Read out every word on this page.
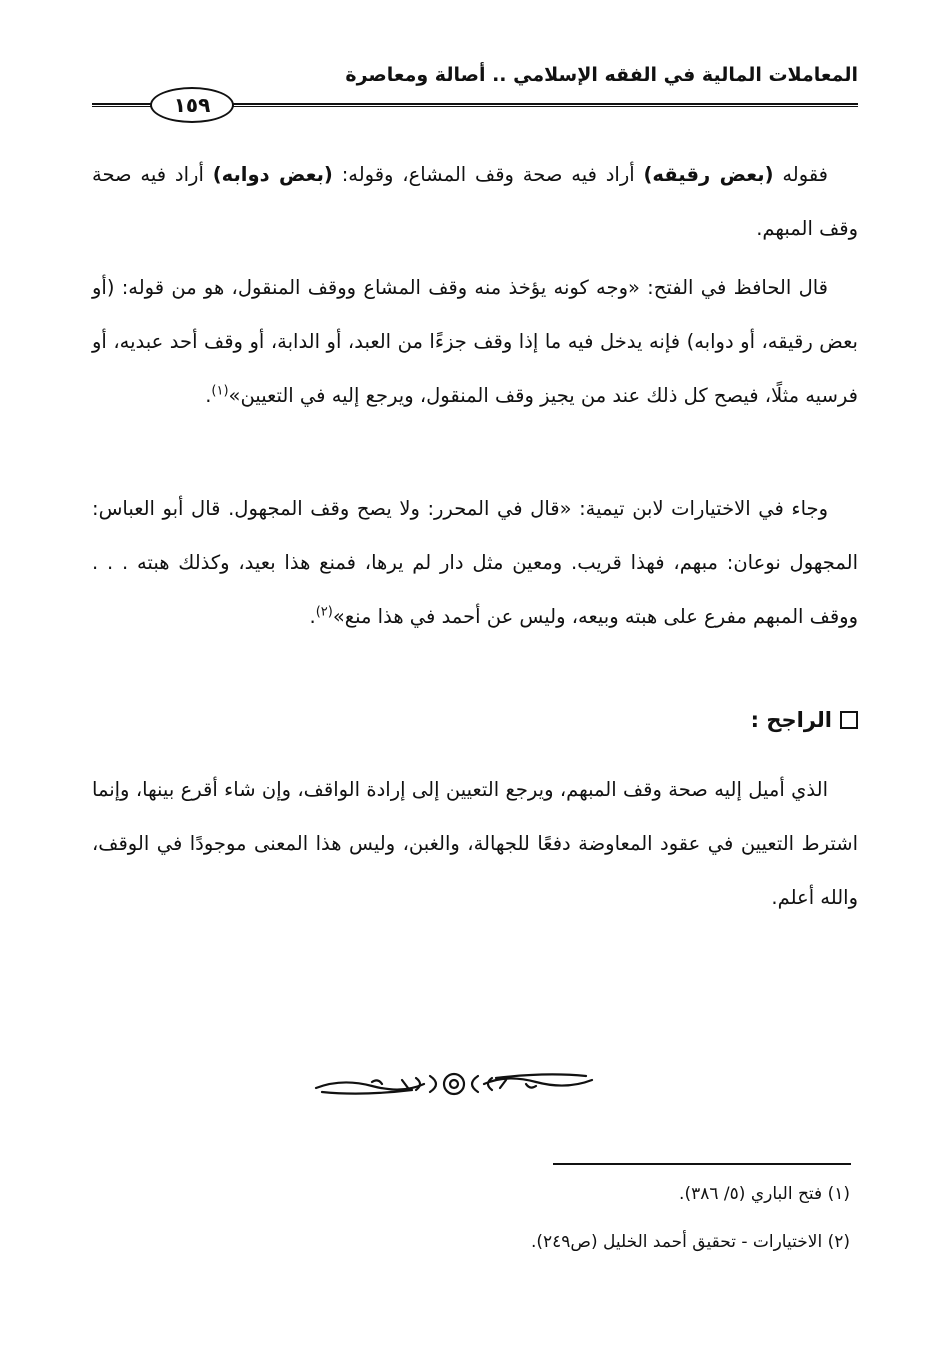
المعاملات المالية في الفقه الإسلامي .. أصالة ومعاصرة
١٥٩

فقوله (بعض رقيقه) أراد فيه صحة وقف المشاع، وقوله: (بعض دوابه) أراد فيه صحة وقف المبهم.

قال الحافظ في الفتح: «وجه كونه يؤخذ منه وقف المشاع ووقف المنقول، هو من قوله: (أو بعض رقيقه، أو دوابه) فإنه يدخل فيه ما إذا وقف جزءًا من العبد، أو الدابة، أو وقف أحد عبديه، أو فرسيه مثلًا، فيصح كل ذلك عند من يجيز وقف المنقول، ويرجع إليه في التعيين»$^{(١)}$.

وجاء في الاختيارات لابن تيمية: «قال في المحرر: ولا يصح وقف المجهول. قال أبو العباس: المجهول نوعان: مبهم، فهذا قريب. ومعين مثل دار لم يرها، فمنع هذا بعيد، وكذلك هبته . . . ووقف المبهم مفرع على هبته وبيعه، وليس عن أحمد في هذا منع»$^{(٢)}$.

الراجح :

الذي أميل إليه صحة وقف المبهم، ويرجع التعيين إلى إرادة الواقف، وإن شاء أقرع بينها، وإنما اشترط التعيين في عقود المعاوضة دفعًا للجهالة، والغبن، وليس هذا المعنى موجودًا في الوقف، والله أعلم.

(١) فتح الباري (٥/ ٣٨٦).
(٢) الاختيارات - تحقيق أحمد الخليل (ص٢٤٩).
